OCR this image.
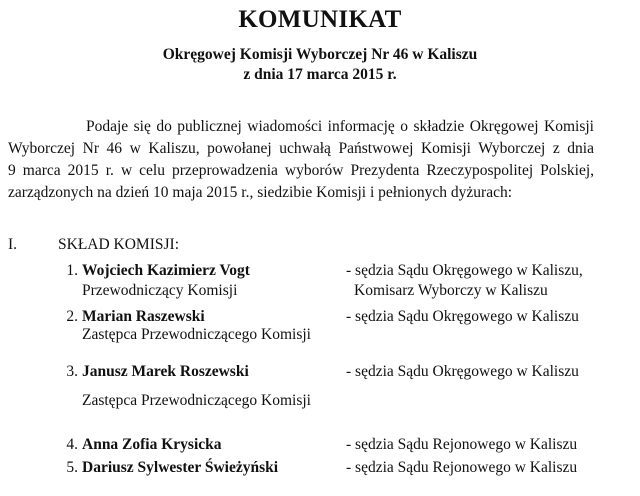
KOMUNIKAT
Okręgowej Komisji Wyborczej Nr 46 w Kaliszu
z dnia 17 marca 2015 r.
Podaje się do publicznej wiadomości informację o składzie Okręgowej Komisji
Wyborczej Nr 46 w Kaliszu, powołanej uchwałą Państwowej Komisji Wyborczej z dnia
9 marca 2015 r. w celu przeprowadzenia wyborów Prezydenta Rzeczypospolitej Polskiej,
zarządzonych na dzień 10 maja 2015 r., siedzibie Komisji i pełnionych dyżurach:
I.	SKŁAD KOMISJI:
1. Wojciech Kazimierz Vogt	- sędzia Sądu Okręgowego w Kaliszu,
Przewodniczący Komisji	Komisarz Wyborczy w Kaliszu
2. Marian Raszewski	- sędzia Sądu Okręgowego w Kaliszu
Zastępca Przewodniczącego Komisji
3. Janusz Marek Roszewski	- sędzia Sądu Okręgowego w Kaliszu
Zastępca Przewodniczącego Komisji
4. Anna Zofia Krysicka	- sędzia Sądu Rejonowego w Kaliszu
5. Dariusz Sylwester Świeżyński	- sędzia Sądu Rejonowego w Kaliszu
